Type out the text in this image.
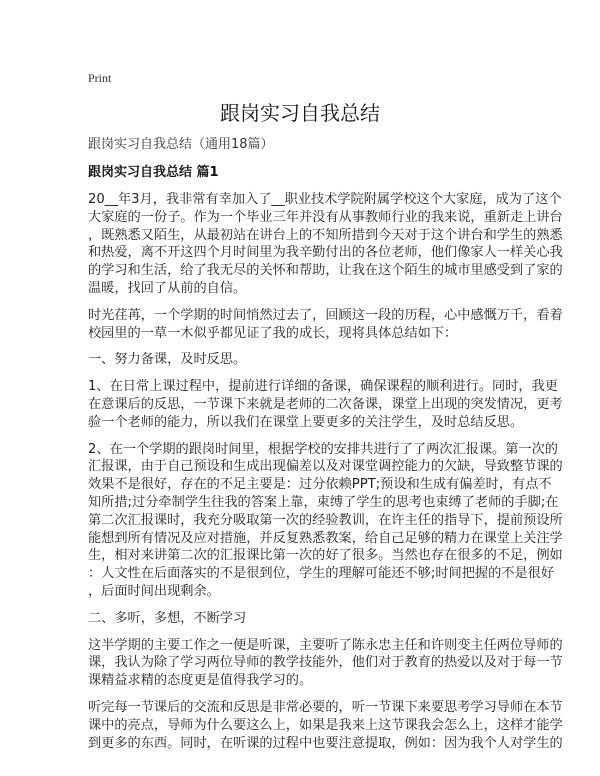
Print
跟岗实习自我总结
跟岗实习自我总结（通用18篇）
跟岗实习自我总结 篇1
20__年3月，我非常有幸加入了__职业技术学院附属学校这个大家庭，成为了这个
大家庭的一份子。作为一个毕业三年并没有从事教师行业的我来说，重新走上讲台
，既熟悉又陌生，从最初站在讲台上的不知所措到今天对于这个讲台和学生的熟悉
和热爱，离不开这四个月时间里为我辛勤付出的各位老师，他们像家人一样关心我
的学习和生活，给了我无尽的关怀和帮助，让我在这个陌生的城市里感受到了家的
温暖，找回了从前的自信。
时光荏苒，一个学期的时间悄然过去了，回顾这一段的历程，心中感慨万千，看着
校园里的一草一木似乎都见证了我的成长，现将具体总结如下：
一、努力备课，及时反思。
1、在日常上课过程中，提前进行详细的备课，确保课程的顺利进行。同时，我更
在意课后的反思，一节课下来就是老师的二次备课，课堂上出现的突发情况，更考
验一个老师的能力，所以我们在课堂上要更多的关注学生，及时总结反思。
2、在一个学期的跟岗时间里，根据学校的安排共进行了了两次汇报课。第一次的
汇报课，由于自己预设和生成出现偏差以及对课堂调控能力的欠缺，导致整节课的
效果不是很好，存在的不足主要是：过分依赖PPT;预设和生成有偏差时，有点不
知所措;过分牵制学生往我的答案上靠，束缚了学生的思考也束缚了老师的手脚;在
第二次汇报课时，我充分吸取第一次的经验教训，在许主任的指导下，提前预设所
能想到所有情况及应对措施，并反复熟悉教案，给自己足够的精力在课堂上关注学
生，相对来讲第二次的汇报课比第一次的好了很多。当然也存在很多的不足，例如
：人文性在后面落实的不是很到位，学生的理解可能还不够;时间把握的不是很好
，后面时间出现剩余。
二、多听，多想，不断学习
这半学期的主要工作之一便是听课，主要听了陈永忠主任和许则变主任两位导师的
课，我认为除了学习两位导师的教学技能外，他们对于教育的热爱以及对于每一节
课精益求精的态度更是值得我学习的。
听完每一节课后的交流和反思是非常必要的，听一节课下来要思考学习导师在本节
课中的亮点，导师为什么要这么上，如果是我来上这节课我会怎么上，这样才能学
到更多的东西。同时，在听课的过程中也要注意提取，例如：因为我个人对学生的
